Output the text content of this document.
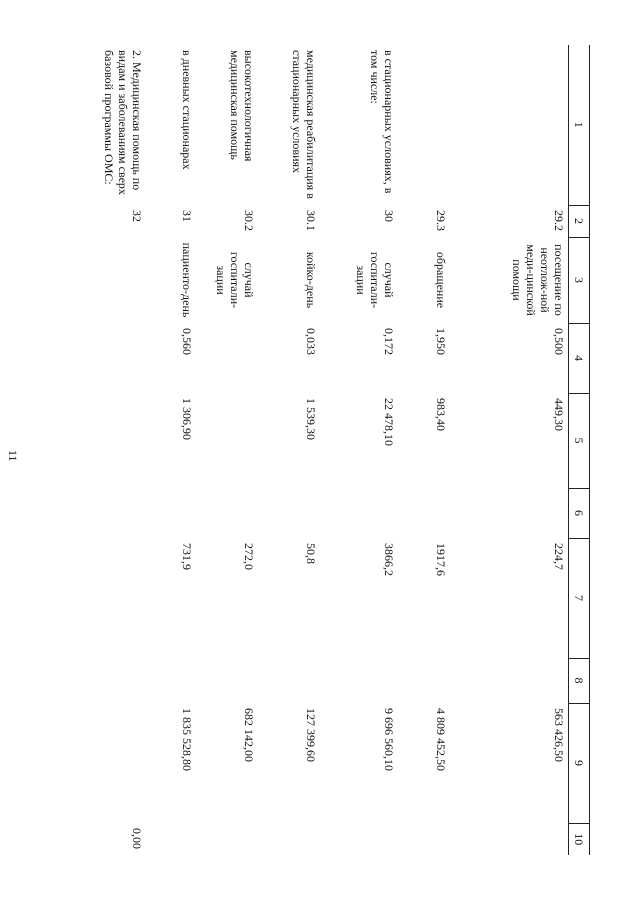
11
1	2	3	4	5	6	7	8	9	10
	29.2	посещение по неотлож-ной меди-цинской помощи	0,500	449,30		224,7		563 426,50	
	29.3	обращение	1,950	983,40		1917,6		4 809 452,50	
в стационарных условиях, в том числе:	30	случай госпитали-зации	0,172	22 478,10		3866,2		9 696 560,10	
медицинская реабилитация в стационарных условиях	30.1	койко-день	0,033	1 539,30		50,8		127 399,60	
высокотехнологичная медицинская помощь	30.2	случай госпитали-зации				272,0		682 142,00	
в дневных стационарах	31	пациенто-день	0,560	1 306,90		731,9		1 835 528,80	
2. Медицинская помощь по видам и заболеваниям сверх базовой программы ОМС:	32								0,00
